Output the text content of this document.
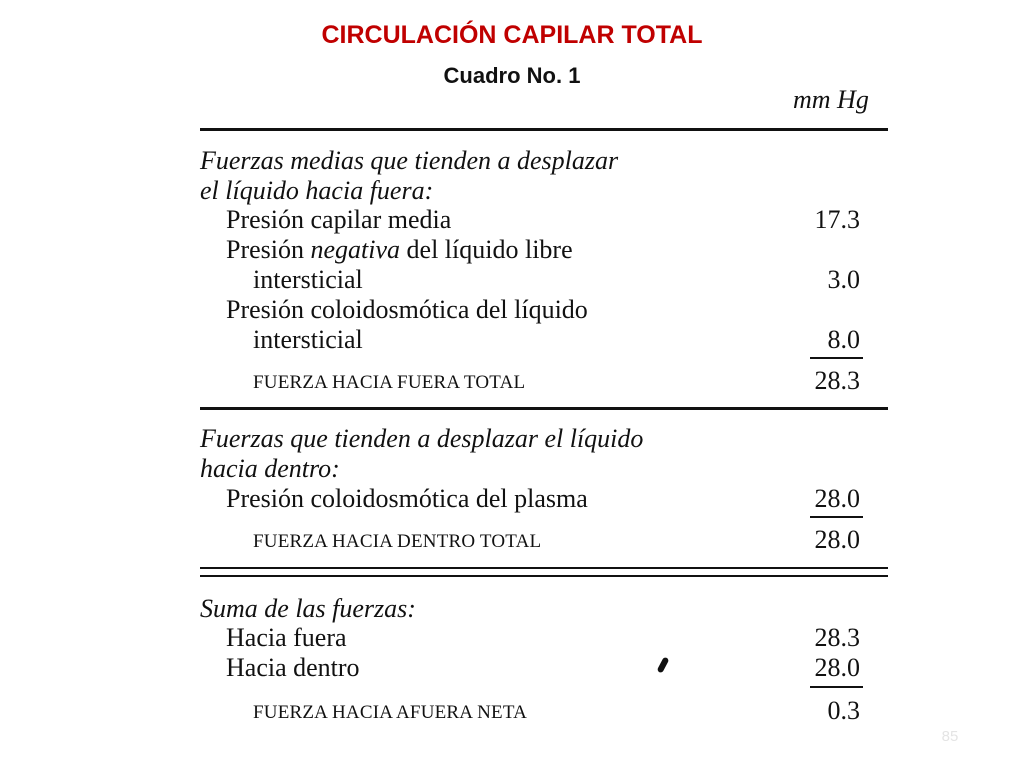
CIRCULACIÓN CAPILAR TOTAL
Cuadro No. 1
mm Hg
Fuerzas medias que tienden a desplazar
el líquido hacia fuera:
Presión capilar media	17.3
Presión negativa del líquido libre
intersticial	3.0
Presión coloidosmótica del líquido
intersticial	8.0
FUERZA HACIA FUERA TOTAL	28.3
Fuerzas que tienden a desplazar el líquido
hacia dentro:
Presión coloidosmótica del plasma	28.0
FUERZA HACIA DENTRO TOTAL	28.0
Suma de las fuerzas:
Hacia fuera	28.3
Hacia dentro	28.0
FUERZA HACIA AFUERA NETA	0.3
85
